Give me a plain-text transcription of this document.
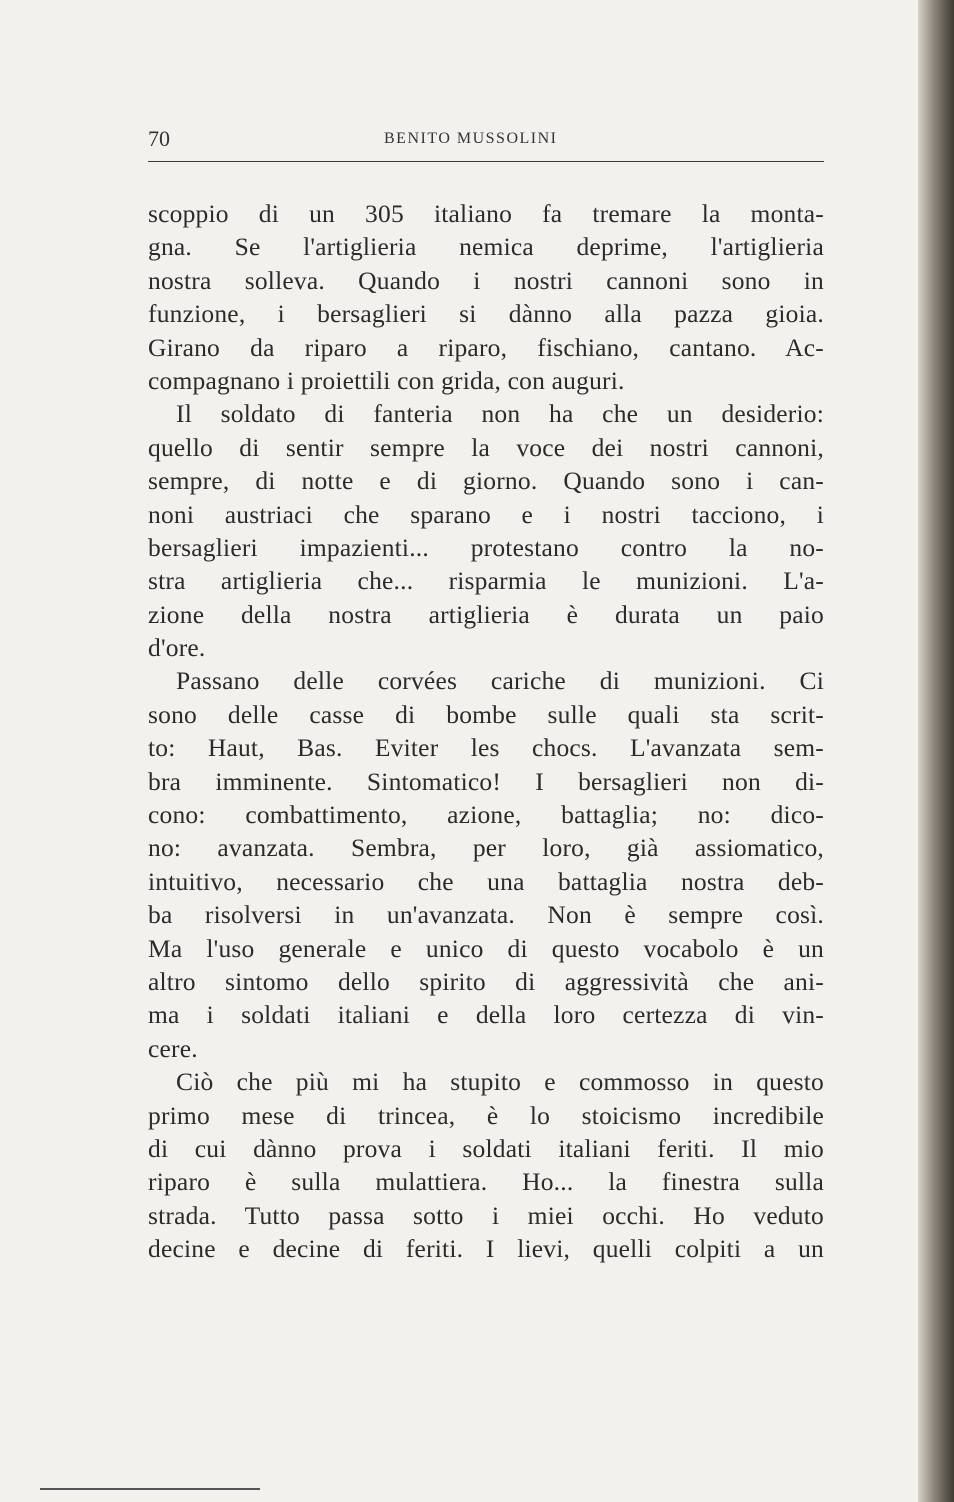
70	BENITO MUSSOLINI
scoppio di un 305 italiano fa tremare la monta-
gna. Se l'artiglieria nemica deprime, l'artiglieria
nostra solleva. Quando i nostri cannoni sono in
funzione, i bersaglieri si dànno alla pazza gioia.
Girano da riparo a riparo, fischiano, cantano. Ac-
compagnano i proiettili con grida, con auguri.
Il soldato di fanteria non ha che un desiderio:
quello di sentir sempre la voce dei nostri cannoni,
sempre, di notte e di giorno. Quando sono i can-
noni austriaci che sparano e i nostri tacciono, i
bersaglieri impazienti... protestano contro la no-
stra artiglieria che... risparmia le munizioni. L'a-
zione della nostra artiglieria è durata un paio
d'ore.
Passano delle corvées cariche di munizioni. Ci
sono delle casse di bombe sulle quali sta scrit-
to: Haut, Bas. Eviter les chocs. L'avanzata sem-
bra imminente. Sintomatico! I bersaglieri non di-
cono: combattimento, azione, battaglia; no: dico-
no: avanzata. Sembra, per loro, già assiomatico,
intuitivo, necessario che una battaglia nostra deb-
ba risolversi in un'avanzata. Non è sempre così.
Ma l'uso generale e unico di questo vocabolo è un
altro sintomo dello spirito di aggressività che ani-
ma i soldati italiani e della loro certezza di vin-
cere.
Ciò che più mi ha stupito e commosso in questo
primo mese di trincea, è lo stoicismo incredibile
di cui dànno prova i soldati italiani feriti. Il mio
riparo è sulla mulattiera. Ho... la finestra sulla
strada. Tutto passa sotto i miei occhi. Ho veduto
decine e decine di feriti. I lievi, quelli colpiti a un
